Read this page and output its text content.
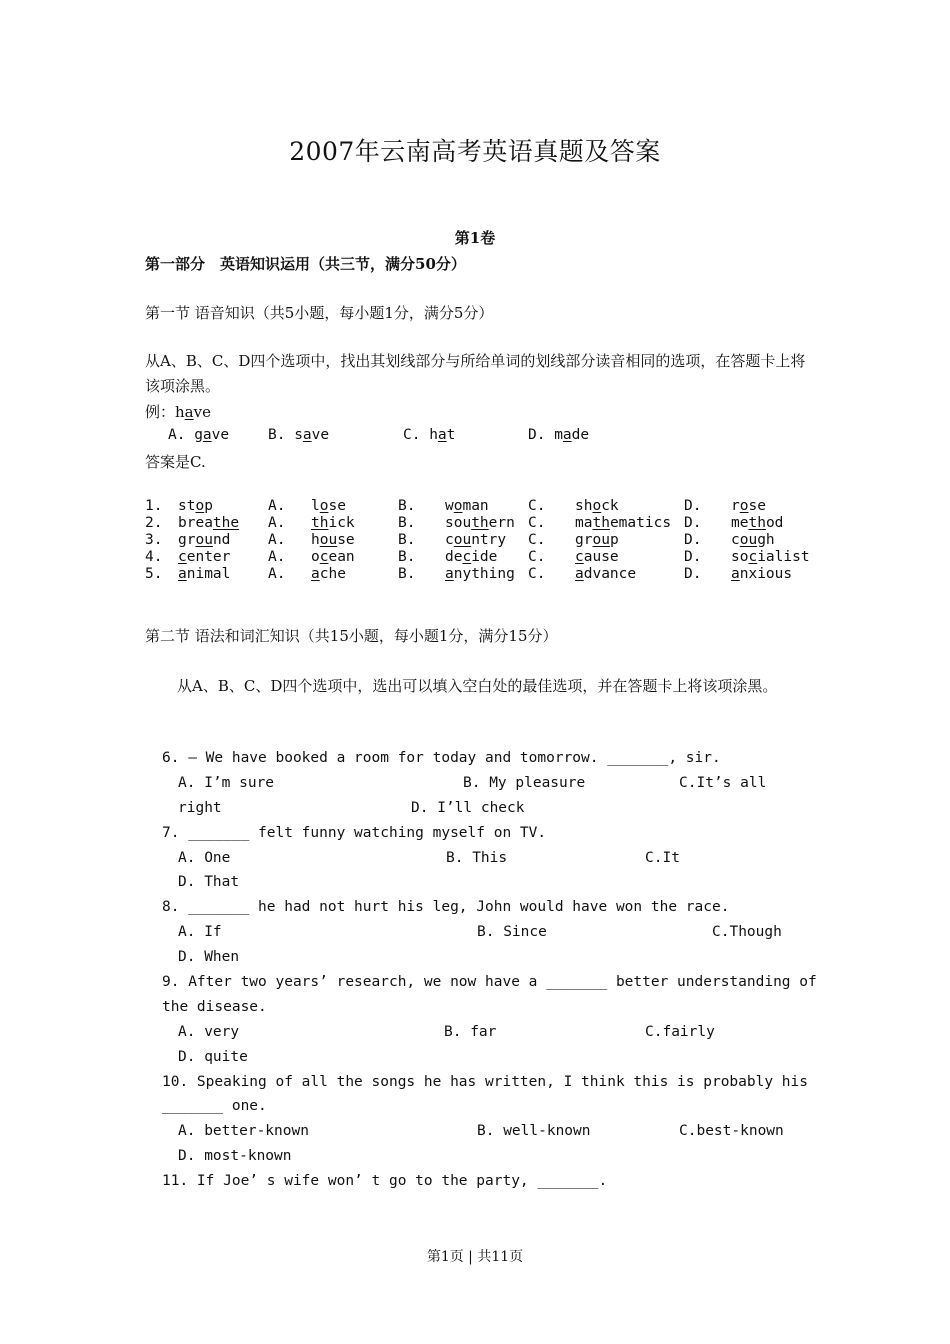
2007年云南高考英语真题及答案
第1卷
第一部分　英语知识运用（共三节，满分50分）
第一节 语音知识（共5小题，每小题1分，满分5分）
从A、B、C、D四个选项中，找出其划线部分与所给单词的划线部分读音相同的选项，在答题卡上将该项涂黑。
例：have
A. gave	B. save	C. hat	D. made
答案是C.
1. stop	A. lose	B. woman	C. shock	D. rose
2. breathe A. thick	B. southern C. mathematics D. method
3. ground	A. house	B. country C. group	D. cough
4. center	A. ocean	B. decide C. cause	D. socialist
5. animal	A. ache	B. anything C. advance	D. anxious
第二节 语法和词汇知识（共15小题，每小题1分，满分15分）
从A、B、C、D四个选项中，选出可以填入空白处的最佳选项，并在答题卡上将该项涂黑。
6. — We have booked a room for today and tomorrow. _______, sir.
A. I’m sure	B. My pleasure	C.It’s all
right	D. I’ll check
7. _______ felt funny watching myself on TV.
A. One	B. This	C.It
D. That
8. _______ he had not hurt his leg, John would have won the race.
A. If	B. Since	C.Though
D. When
9. After two years’ research, we now have a _______ better understanding of
the disease.
A. very	B. far	C.fairly
D. quite
10. Speaking of all the songs he has written, I think this is probably his
_______ one.
A. better-known	B. well-known	C.best-known
D. most-known
11. If Joe’ s wife won’ t go to the party, _______.
第1页 | 共11页
